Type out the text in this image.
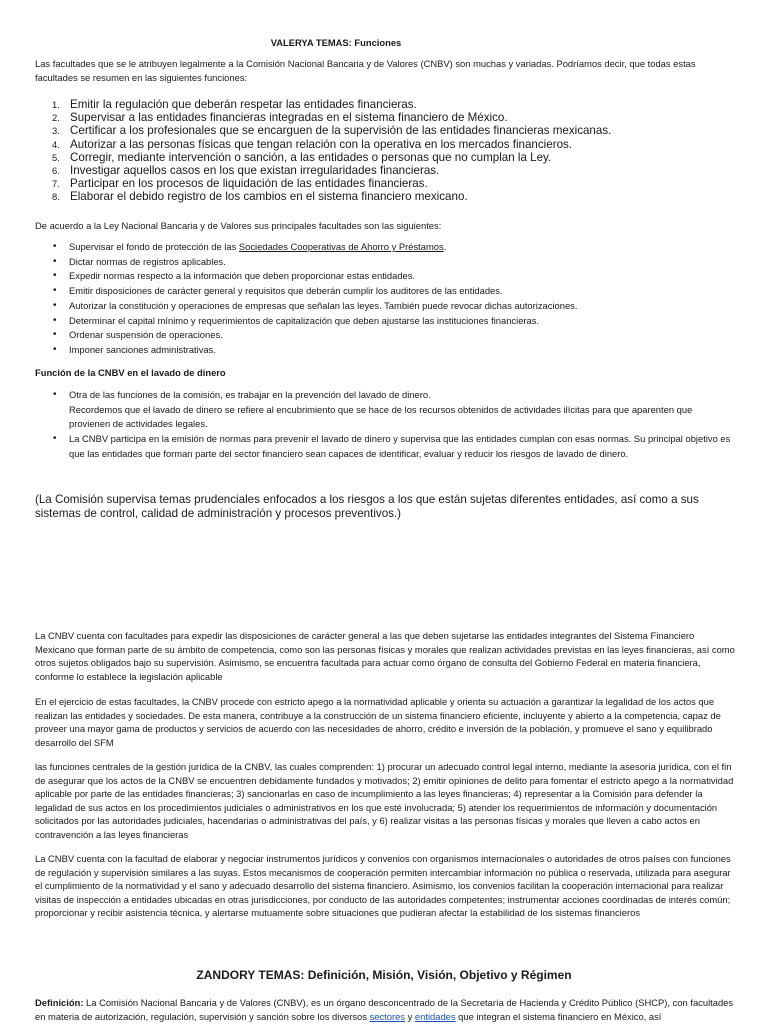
VALERYA TEMAS: Funciones
Las facultades que se le atribuyen legalmente a la Comisión Nacional Bancaria y de Valores (CNBV) son muchas y variadas. Podríamos decir, que todas estas facultades se resumen en las siguientes funciones:
1. Emitir la regulación que deberán respetar las entidades financieras.
2. Supervisar a las entidades financieras integradas en el sistema financiero de México.
3. Certificar a los profesionales que se encarguen de la supervisión de las entidades financieras mexicanas.
4. Autorizar a las personas físicas que tengan relación con la operativa en los mercados financieros.
5. Corregir, mediante intervención o sanción, a las entidades o personas que no cumplan la Ley.
6. Investigar aquellos casos en los que existan irregularidades financieras.
7. Participar en los procesos de liquidación de las entidades financieras.
8. Elaborar el debido registro de los cambios en el sistema financiero mexicano.
De acuerdo a la Ley Nacional Bancaria y de Valores sus principales facultades son las siguientes:
• Supervisar el fondo de protección de las Sociedades Cooperativas de Ahorro y Préstamos.
• Dictar normas de registros aplicables.
• Expedir normas respecto a la información que deben proporcionar estas entidades.
• Emitir disposiciones de carácter general y requisitos que deberán cumplir los auditores de las entidades.
• Autorizar la constitución y operaciones de empresas que señalan las leyes. También puede revocar dichas autorizaciones.
• Determinar el capital mínimo y requerimientos de capitalización que deben ajustarse las instituciones financieras.
• Ordenar suspensión de operaciones.
• Imponer sanciones administrativas.
Función de la CNBV en el lavado de dinero
• Otra de las funciones de la comisión, es trabajar en la prevención del lavado de dinero.
Recordemos que el lavado de dinero se refiere al encubrimiento que se hace de los recursos obtenidos de actividades ilícitas para que aparenten que provienen de actividades legales.
• La CNBV participa en la emisión de normas para prevenir el lavado de dinero y supervisa que las entidades cumplan con esas normas. Su principal objetivo es que las entidades que forman parte del sector financiero sean capaces de identificar, evaluar y reducir los riesgos de lavado de dinero.
(La Comisión supervisa temas prudenciales enfocados a los riesgos a los que están sujetas diferentes entidades, así como a sus sistemas de control, calidad de administración y procesos preventivos.)
La CNBV cuenta con facultades para expedir las disposiciones de carácter general a las que deben sujetarse las entidades integrantes del Sistema Financiero Mexicano que forman parte de su ámbito de competencia, como son las personas físicas y morales que realizan actividades previstas en las leyes financieras, así como otros sujetos obligados bajo su supervisión. Asimismo, se encuentra facultada para actuar como órgano de consulta del Gobierno Federal en materia financiera, conforme lo establece la legislación aplicable
En el ejercicio de estas facultades, la CNBV procede con estricto apego a la normatividad aplicable y orienta su actuación a garantizar la legalidad de los actos que realizan las entidades y sociedades. De esta manera, contribuye a la construcción de un sistema financiero eficiente, incluyente y abierto a la competencia, capaz de proveer una mayor gama de productos y servicios de acuerdo con las necesidades de ahorro, crédito e inversión de la población, y promueve el sano y equilibrado desarrollo del SFM
las funciones centrales de la gestión jurídica de la CNBV, las cuales comprenden: 1) procurar un adecuado control legal interno, mediante la asesoría jurídica, con el fin de asegurar que los actos de la CNBV se encuentren debidamente fundados y motivados; 2) emitir opiniones de delito para fomentar el estricto apego a la normatividad aplicable por parte de las entidades financieras; 3) sancionarlas en caso de incumplimiento a las leyes financieras; 4) representar a la Comisión para defender la legalidad de sus actos en los procedimientos judiciales o administrativos en los que esté involucrada; 5) atender los requerimientos de información y documentación solicitados por las autoridades judiciales, hacendarias o administrativas del país, y 6) realizar visitas a las personas físicas y morales que lleven a cabo actos en contravención a las leyes financieras
La CNBV cuenta con la facultad de elaborar y negociar instrumentos jurídicos y convenios con organismos internacionales o autoridades de otros países con funciones de regulación y supervisión similares a las suyas. Estos mecanismos de cooperación permiten intercambiar información no pública o reservada, utilizada para asegurar el cumplimiento de la normatividad y el sano y adecuado desarrollo del sistema financiero. Asimismo, los convenios facilitan la cooperación internacional para realizar visitas de inspección a entidades ubicadas en otras jurisdicciones, por conducto de las autoridades competentes; instrumentar acciones coordinadas de interés común; proporcionar y recibir asistencia técnica, y alertarse mutuamente sobre situaciones que pudieran afectar la estabilidad de los sistemas financieros
ZANDORY TEMAS: Definición, Misión, Visión, Objetivo y Régimen
Definición: La Comisión Nacional Bancaria y de Valores (CNBV), es un órgano desconcentrado de la Secretaría de Hacienda y Crédito Público (SHCP), con facultades en materia de autorización, regulación, supervisión y sanción sobre los diversos sectores y entidades que integran el sistema financiero en México, así
